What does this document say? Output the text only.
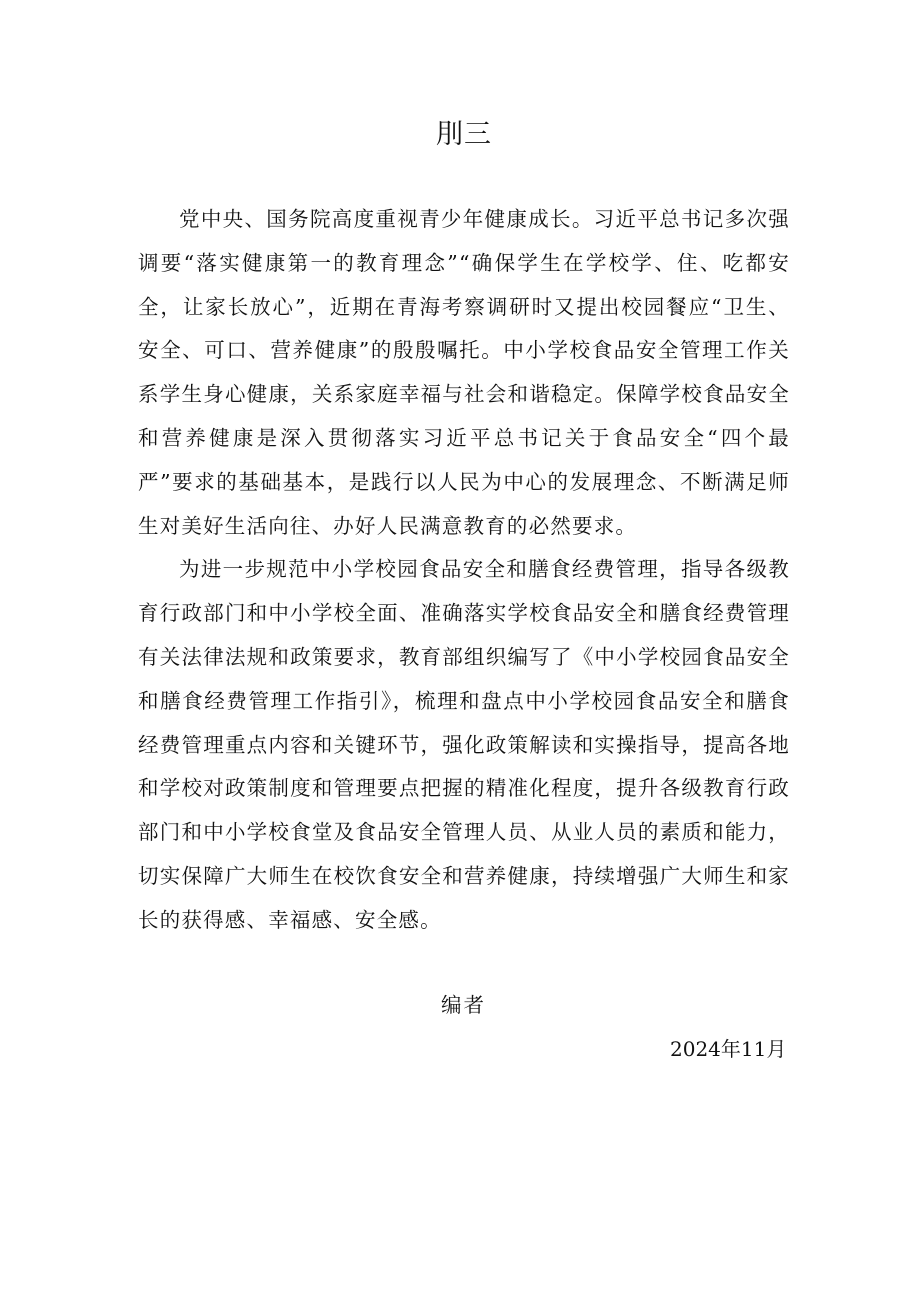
刖三

党中央、国务院高度重视青少年健康成长。习近平总书记多次强调要“落实健康第一的教育理念”“确保学生在学校学、住、吃都安全，让家长放心”，近期在青海考察调研时又提出校园餐应“卫生、安全、可口、营养健康”的殷殷嘱托。中小学校食品安全管理工作关系学生身心健康，关系家庭幸福与社会和谐稳定。保障学校食品安全和营养健康是深入贯彻落实习近平总书记关于食品安全“四个最严”要求的基础基本，是践行以人民为中心的发展理念、不断满足师生对美好生活向往、办好人民满意教育的必然要求。

为进一步规范中小学校园食品安全和膳食经费管理，指导各级教育行政部门和中小学校全面、准确落实学校食品安全和膳食经费管理有关法律法规和政策要求，教育部组织编写了《中小学校园食品安全和膳食经费管理工作指引》，梳理和盘点中小学校园食品安全和膳食经费管理重点内容和关键环节，强化政策解读和实操指导，提高各地和学校对政策制度和管理要点把握的精准化程度，提升各级教育行政部门和中小学校食堂及食品安全管理人员、从业人员的素质和能力，切实保障广大师生在校饮食安全和营养健康，持续增强广大师生和家长的获得感、幸福感、安全感。

编者
2024年11月
